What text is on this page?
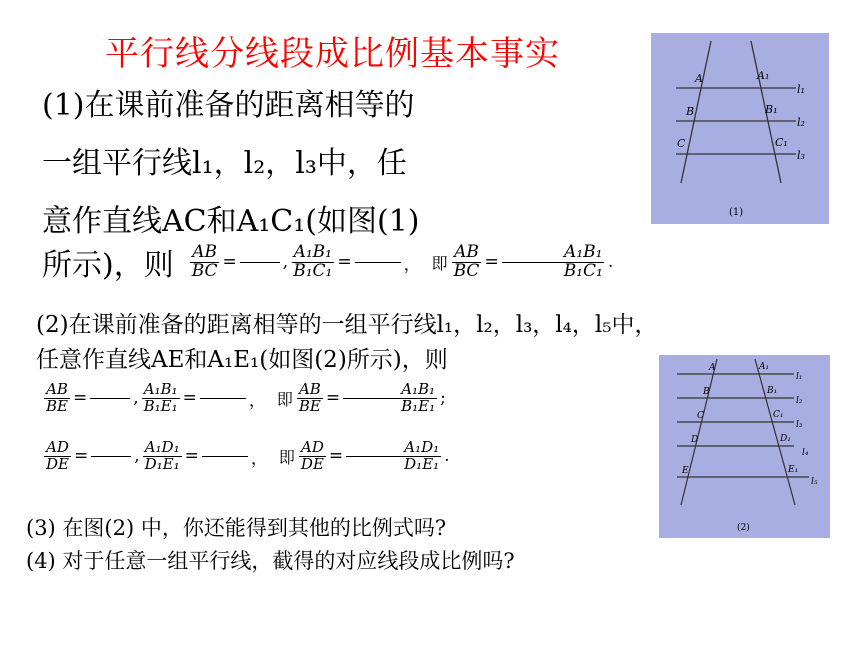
平行线分线段成比例基本事实
(1)在课前准备的距离相等的
一组平行线l₁，l₂，l₃中，任
意作直线AC和A₁C₁(如图(1)
所示)，则 $\frac{AB}{BC}$ =	, $\frac{\text{A₁B₁}}{\text{B₁C₁}}$ =	， 即 $\frac{AB}{BC}$ =	$\frac{\text{A₁B₁}}{\text{B₁C₁}}$ .
(2)在课前准备的距离相等的一组平行线l₁，l₂，l₃，l₄，l₅中，
任意作直线AE和A₁E₁(如图(2)所示)，则
$\frac{AB}{BE}$ =	, $\frac{\text{A₁B₁}}{\text{B₁E₁}}$ =	， 即 $\frac{AB}{BE}$ =	$\frac{\text{A₁B₁}}{\text{B₁E₁}}$ ;
$\frac{AD}{DE}$ =	, $\frac{\text{A₁D₁}}{\text{D₁E₁}}$ =	， 即 $\frac{AD}{DE}$ =	$\frac{\text{A₁D₁}}{\text{D₁E₁}}$ .
(3) 在图(2) 中，你还能得到其他的比例式吗?
(4) 对于任意一组平行线，截得的对应线段成比例吗?
A
B
C
A₁
B₁
C₁
l₁
l₂
l₃
(1)
A
B
C
D
E
A₁
B₁
C₁
D₁
E₁
l₁
l₂
l₃
l₄
l₅
(2)
